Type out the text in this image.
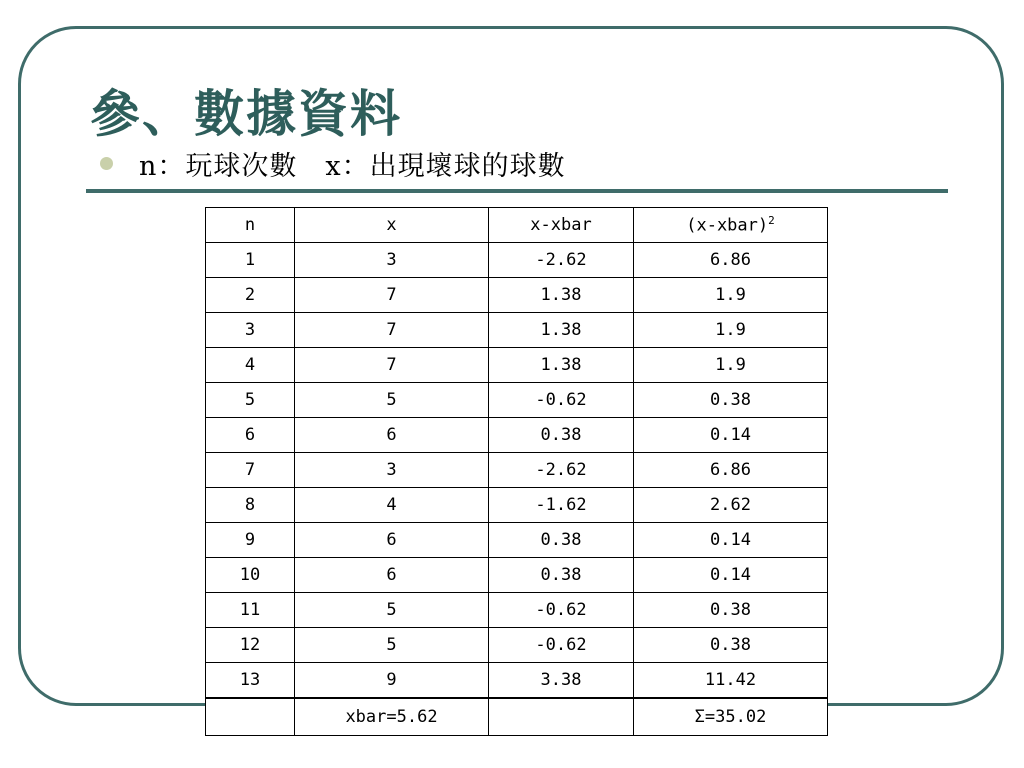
參、數據資料
n：玩球次數　x：出現壞球的球數
n	x	x-xbar	(x-xbar)$^2$
1	3	-2.62	6.86
2	7	1.38	1.9
3	7	1.38	1.9
4	7	1.38	1.9
5	5	-0.62	0.38
6	6	0.38	0.14
7	3	-2.62	6.86
8	4	-1.62	2.62
9	6	0.38	0.14
10	6	0.38	0.14
11	5	-0.62	0.38
12	5	-0.62	0.38
13	9	3.38	11.42
	xbar=5.62		Σ=35.02
